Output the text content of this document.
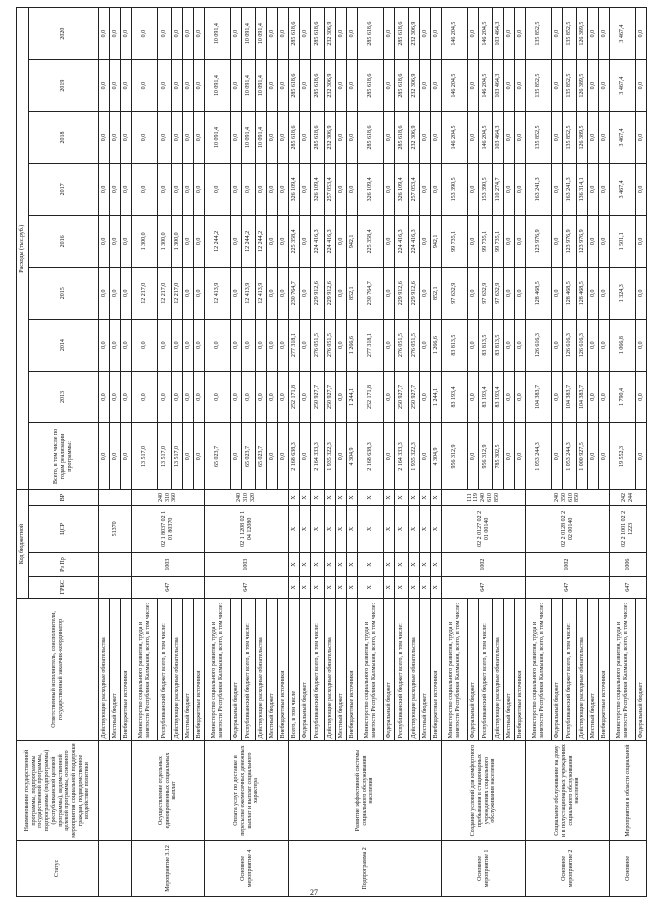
Статус	Наименование государственной программы, подпрограммы государственной программы, подпрограммы (подпрограммы) (республиканской целевой программы), ведомственной целевой программы, основного мероприятия социальной поддержки граждан, подведомственное воздействие политики	Ответственный исполнитель, соисполнители, государственный заказчик-координатор	Код бюджетной				Расходы (тыс.руб.)								
			ГРБС	Рз Пр	ЦСР	ВР	Всего, в том числе по годам реализации программы:	2013	2014	2015	2016	2017	2018	2019	2020
		Действующие расходные обязательства			51370		0,0	0,0	0,0	0,0	0,0	0,0	0,0	0,0	0,0
		Местный бюджет					0,0	0,0	0,0	0,0	0,0	0,0	0,0	0,0	0,0
		Внебюджетные источники					0,0	0,0	0,0	0,0	0,0	0,0	0,0	0,0	0,0
Мероприятие 3.12	Осуществление отдельных единовременных социальных выплат	Министерство социального развития, труда и занятости Республики Калмыкия, всего, в том числе:	647	1003	02 1 8037 02 1 01 80370	240 310 360	13 517,0	0,0	0,0	12 217,0	1 300,0	0,0	0,0	0,0	0,0
		Республиканский бюджет всего, в том числе:					13 517,0	0,0	0,0	12 217,0	1 300,0	0,0	0,0	0,0	0,0
		Действующие расходные обязательства					13 517,0	0,0	0,0	12 217,0	1 300,0	0,0	0,0	0,0	0,0
		Местный бюджет					0,0	0,0	0,0	0,0	0,0	0,0	0,0	0,0	0,0
		Внебюджетные источники					0,0	0,0	0,0	0,0	0,0	0,0	0,0	0,0	0,0
Основное мероприятие 4	Оплата услуг по доставке и пересылке ежемесячных денежных выплат и выплат социального характера	Министерство социального развития, труда и занятости Республики Калмыкия, всего, в том числе:	647	1003	02 1 1208 02 1 04 12080	240 310 320	65 023,7	0,0	0,0	12 413,9	12 244,2	0,0	10 091,4	10 091,4	10 091,4
		Федеральный бюджет					0,0	0,0	0,0	0,0	0,0	0,0	0,0	0,0	0,0
		Республиканский бюджет всего, в том числе:					65 023,7	0,0	0,0	12 413,9	12 244,2	0,0	10 091,4	10 091,4	10 091,4
		Действующие расходные обязательства					65 023,7	0,0	0,0	12 413,9	12 244,2	0,0	10 091,4	10 091,4	10 091,4
		Местный бюджет					0,0	0,0	0,0	0,0	0,0	0,0	0,0	0,0	0,0
		Внебюджетные источники					0,0	0,0	0,0	0,0	0,0	0,0	0,0	0,0	0,0
Подпрограмма 2	Развитие эффективной системы социального обслуживания населения	Всего, в том числе	X	X	X	X	2 168 638,3	252 171,8	277 318,1	230 764,7	225 358,4	326 109,4	285 618,6	285 618,6	285 618,6
		Федеральный бюджет	X	X	X	X	0,0	0,0	0,0	0,0	0,0	0,0	0,0	0,0	0,0
		Республиканский бюджет всего, в том числе:	X	X	X	X	2 164 333,3	250 927,7	276 051,5	229 912,6	224 416,3	326 109,4	285 618,6	285 618,6	285 618,6
		Действующие расходные обязательства	X	X	X	X	1 935 322,3	250 927,7	276 051,5	229 912,6	224 416,3	257 053,4	232 306,9	232 306,9	232 306,9
		Местный бюджет	X	X	X	X	0,0	0,0	0,0	0,0	0,0	0,0	0,0	0,0	0,0
		Внебюджетные источники	X	X	X	X	4 304,9	1 244,1	1 266,6	852,1	942,1	0,0	0,0	0,0	0,0
		Министерство социального развития, труда и занятости Республики Калмыкия, всего, в том числе:	X	X	X	X	2 168 638,3	252 171,8	277 318,1	230 764,7	225 358,4	326 109,4	285 618,6	285 618,6	285 618,6
		Федеральный бюджет	X	X	X	X	0,0	0,0	0,0	0,0	0,0	0,0	0,0	0,0	0,0
		Республиканский бюджет всего, в том числе:	X	X	X	X	2 164 333,3	250 927,7	276 051,5	229 912,6	224 416,3	326 109,4	285 618,6	285 618,6	285 618,6
		Действующие расходные обязательства	X	X	X	X	1 935 322,3	250 927,7	276 051,5	229 912,6	224 416,3	257 053,4	232 306,9	232 306,9	232 306,9
		Местный бюджет	X	X	X	X	0,0	0,0	0,0	0,0	0,0	0,0	0,0	0,0	0,0
		Внебюджетные источники	X	X	X	X	4 304,9	1 244,1	1 266,6	852,1	942,1	0,0	0,0	0,0	0,0
Основное мероприятие 1	Создание условий для комфортного пребывания в стационарных учреждениях социального обслуживания населения	Министерство социального развития, труда и занятости Республики Калмыкия, всего, в том числе:	647	1002	02 2 0127 02 2 01 00140	111 119 240 610 850	956 312,9	83 193,4	83 813,5	97 632,9	99 735,1	153 390,5	146 204,5	146 204,5	146 204,5
		Федеральный бюджет					0,0	0,0	0,0	0,0	0,0	0,0	0,0	0,0	0,0
		Республиканский бюджет всего, в том числе:					956 312,9	83 193,4	83 813,5	97 632,9	99 735,1	153 390,5	146 204,5	146 204,5	146 204,5
		Действующие расходные обязательства					785 302,5	83 193,4	83 813,5	97 632,9	99 735,1	110 274,7	103 464,3	103 464,3	103 464,3
		Местный бюджет					0,0	0,0	0,0	0,0	0,0	0,0	0,0	0,0	0,0
		Внебюджетные источники					0,0	0,0	0,0	0,0	0,0	0,0	0,0	0,0	0,0
Основное мероприятие 2	Социальное обслуживание на дому и в полустационарных учреждениях социального обслуживания населения	Министерство социального развития, труда и занятости Республики Калмыкия, всего, в том числе:	647	1002	02 2 0128 02 2 02 00140	240 350 610 850	1 053 244,3	104 383,7	126 616,3	128 468,5	123 976,9	163 241,3	135 852,5	135 852,5	135 852,5
		Федеральный бюджет					0,0	0,0	0,0	0,0	0,0	0,0	0,0	0,0	0,0
		Республиканский бюджет всего, в том числе:					1 053 244,3	104 383,7	126 616,3	128 468,5	123 976,9	163 241,3	135 852,5	135 852,5	135 852,5
		Действующие расходные обязательства					1 000 927,5	104 383,7	126 616,3	128 468,5	123 976,9	136 314,1	126 389,5	126 389,5	126 389,5
		Местный бюджет					0,0	0,0	0,0	0,0	0,0	0,0	0,0	0,0	0,0
		Внебюджетные источники					0,0	0,0	0,0	0,0	0,0	0,0	0,0	0,0	0,0
Основное	Мероприятия в области социальной	Министерство социального развития, труда и занятости Республики Калмыкия, всего, в том числе:	647	1006	02 2 1001 02 2 1223	242 244	19 552,3	1 790,4	1 066,8	1 324,3	1 501,1	3 467,4	3 467,4	3 467,4	3 467,4
		Федеральный бюджет					0,0	0,0	0,0	0,0	0,0	0,0	0,0	0,0	0,0
27
